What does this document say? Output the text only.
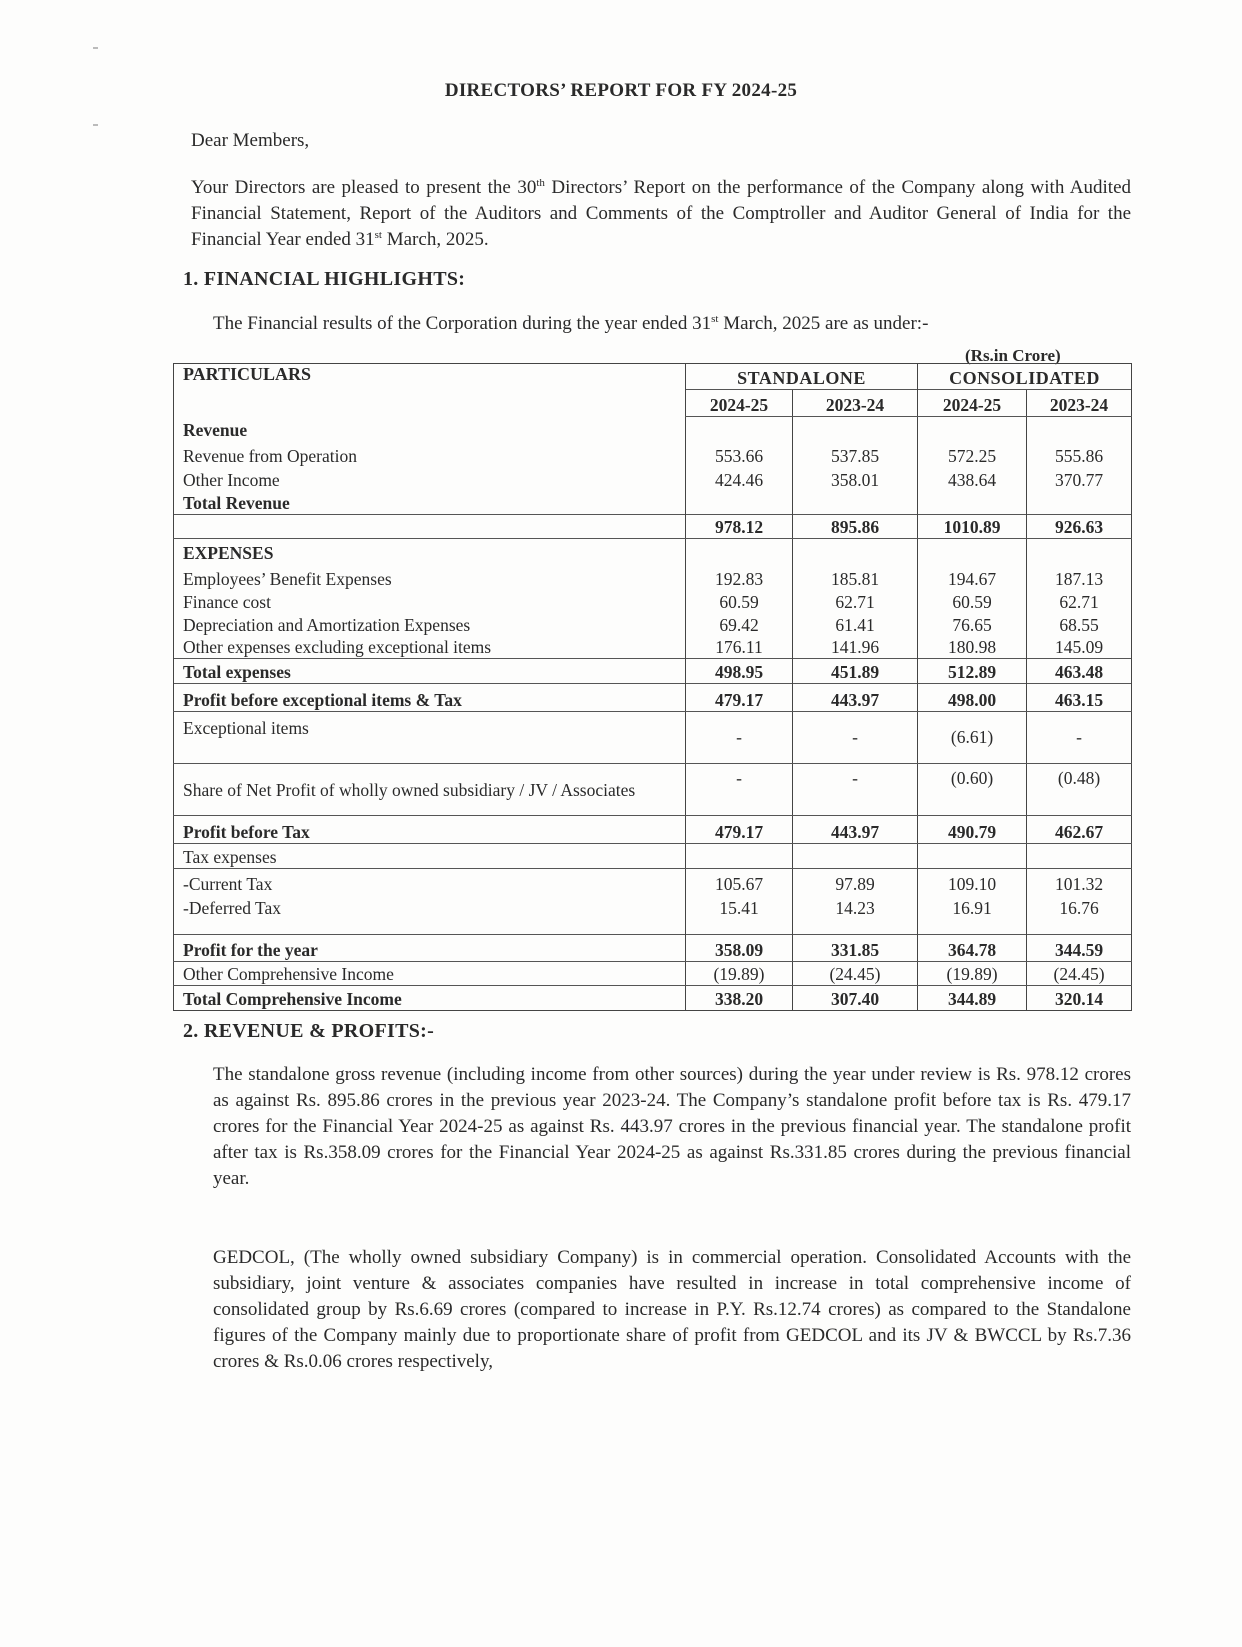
DIRECTORS’ REPORT FOR FY 2024-25
Dear Members,
Your Directors are pleased to present the 30th Directors’ Report on the performance of the Company along with Audited Financial Statement, Report of the Auditors and Comments of the Comptroller and Auditor General of India for the Financial Year ended 31st March, 2025.
1. FINANCIAL HIGHLIGHTS:
The Financial results of the Corporation during the year ended 31st March, 2025 are as under:-
(Rs.in Crore)
PARTICULARS	STANDALONE		CONSOLIDATED	
	2024-25	2023-24	2024-25	2023-24
Revenue				
Revenue from Operation	553.66	537.85	572.25	555.86
Other Income	424.46	358.01	438.64	370.77
Total Revenue				
	978.12	895.86	1010.89	926.63
EXPENSES				
Employees’ Benefit Expenses	192.83	185.81	194.67	187.13
Finance cost	60.59	62.71	60.59	62.71
Depreciation and Amortization Expenses	69.42	61.41	76.65	68.55
Other expenses excluding exceptional items	176.11	141.96	180.98	145.09
Total expenses	498.95	451.89	512.89	463.48
Profit before exceptional items & Tax	479.17	443.97	498.00	463.15
Exceptional items	-	-	(6.61)	-
Share of Net Profit of wholly owned subsidiary / JV / Associates	-	-	(0.60)	(0.48)
Profit before Tax	479.17	443.97	490.79	462.67
Tax expenses				
-Current Tax	105.67	97.89	109.10	101.32
-Deferred Tax	15.41	14.23	16.91	16.76

Profit for the year	358.09	331.85	364.78	344.59
Other Comprehensive Income	(19.89)	(24.45)	(19.89)	(24.45)
Total Comprehensive Income	338.20	307.40	344.89	320.14
2. REVENUE & PROFITS:-
The standalone gross revenue (including income from other sources) during the year under review is Rs. 978.12 crores as against Rs. 895.86 crores in the previous year 2023-24. The Company’s standalone profit before tax is Rs. 479.17 crores for the Financial Year 2024-25 as against Rs. 443.97 crores in the previous financial year. The standalone profit after tax is Rs.358.09 crores for the Financial Year 2024-25 as against Rs.331.85 crores during the previous financial year.
GEDCOL, (The wholly owned subsidiary Company) is in commercial operation. Consolidated Accounts with the subsidiary, joint venture & associates companies have resulted in increase in total comprehensive income of consolidated group by Rs.6.69 crores (compared to increase in P.Y. Rs.12.74 crores) as compared to the Standalone figures of the Company mainly due to proportionate share of profit from GEDCOL and its JV & BWCCL by Rs.7.36 crores & Rs.0.06 crores respectively,
